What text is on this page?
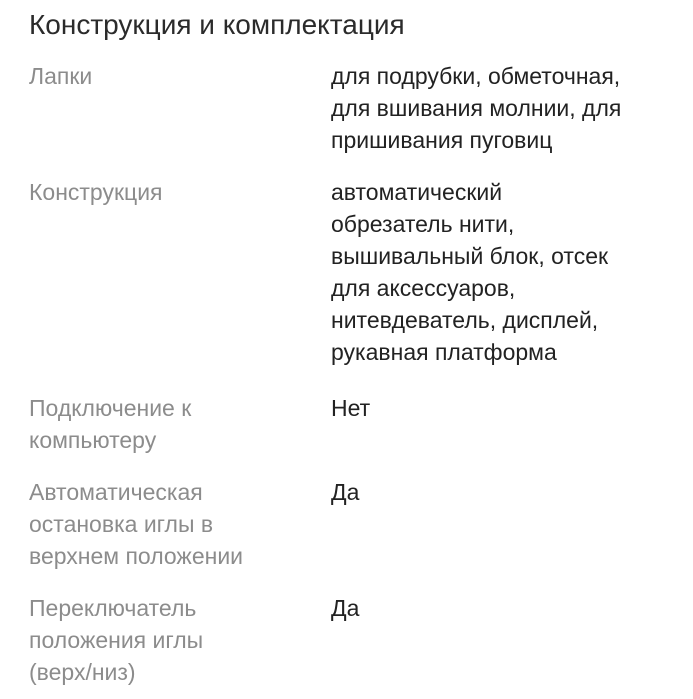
Конструкция и комплектация
Лапки	для подрубки, обметочная,
для вшивания молнии, для
пришивания пуговиц
Конструкция	автоматический
обрезатель нити,
вышивальный блок, отсек
для аксессуаров,
нитевдеватель, дисплей,
рукавная платформа
Подключение к
компьютеру
Нет
Автоматическая
остановка иглы в
верхнем положении
Да
Переключатель
положения иглы
(верх/низ)
Да
